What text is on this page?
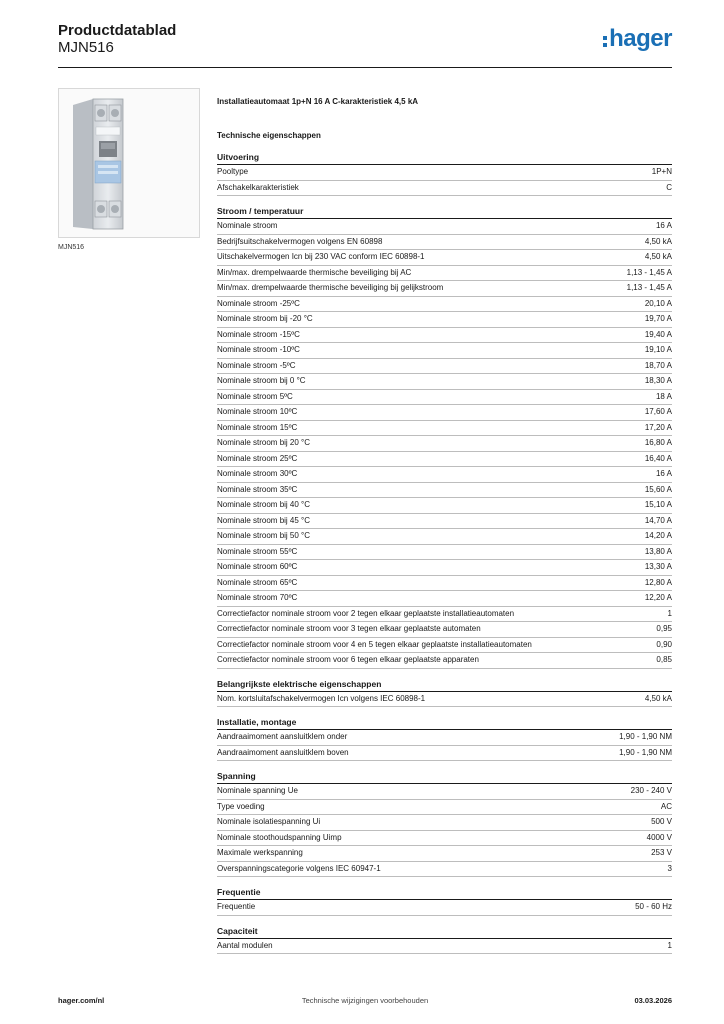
Productdatablad
MJN516	hager
MJN516
Installatieautomaat 1p+N 16 A C-karakteristiek 4,5 kA
Technische eigenschappen
Uitvoering
Pooltype	1P+N
Afschakelkarakteristiek	C
Stroom / temperatuur
Nominale stroom	16 A
Bedrijfsuitschakelvermogen volgens EN 60898	4,50 kA
Uitschakelvermogen Icn bij 230 VAC conform IEC 60898-1	4,50 kA
Min/max. drempelwaarde thermische beveiliging bij AC	1,13 - 1,45 A
Min/max. drempelwaarde thermische beveiliging bij gelijkstroom	1,13 - 1,45 A
Nominale stroom -25ºC	20,10 A
Nominale stroom bij -20 °C	19,70 A
Nominale stroom -15ºC	19,40 A
Nominale stroom -10ºC	19,10 A
Nominale stroom -5ºC	18,70 A
Nominale stroom bij 0 °C	18,30 A
Nominale stroom 5ºC	18 A
Nominale stroom 10ºC	17,60 A
Nominale stroom 15ºC	17,20 A
Nominale stroom bij 20 °C	16,80 A
Nominale stroom 25ºC	16,40 A
Nominale stroom 30ºC	16 A
Nominale stroom 35ºC	15,60 A
Nominale stroom bij 40 °C	15,10 A
Nominale stroom bij 45 °C	14,70 A
Nominale stroom bij 50 °C	14,20 A
Nominale stroom 55ºC	13,80 A
Nominale stroom 60ºC	13,30 A
Nominale stroom 65ºC	12,80 A
Nominale stroom 70ºC	12,20 A
Correctiefactor nominale stroom voor 2 tegen elkaar geplaatste installatieautomaten	1
Correctiefactor nominale stroom voor 3 tegen elkaar geplaatste automaten	0,95
Correctiefactor nominale stroom voor 4 en 5 tegen elkaar geplaatste installatieautomaten	0,90
Correctiefactor nominale stroom voor 6 tegen elkaar geplaatste apparaten	0,85
Belangrijkste elektrische eigenschappen
Nom. kortsluitafschakelvermogen Icn volgens IEC 60898-1	4,50 kA
Installatie, montage
Aandraaimoment aansluitklem onder	1,90 - 1,90 NM
Aandraaimoment aansluitklem boven	1,90 - 1,90 NM
Spanning
Nominale spanning Ue	230 - 240 V
Type voeding	AC
Nominale isolatiespanning Ui	500 V
Nominale stoothoudspanning Uimp	4000 V
Maximale werkspanning	253 V
Overspanningscategorie volgens IEC 60947-1	3
Frequentie
Frequentie	50 - 60 Hz
Capaciteit
Aantal modulen	1
hager.com/nl	Technische wijzigingen voorbehouden	03.03.2026
